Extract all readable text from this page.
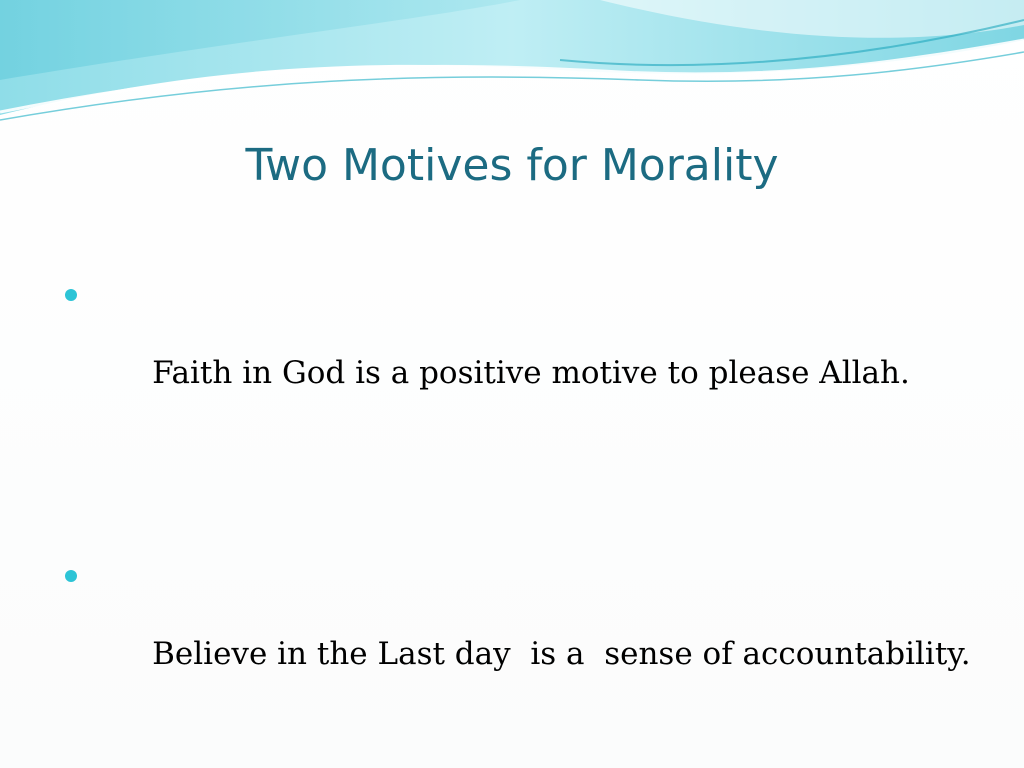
Two Motives for Morality

Faith in God is a positive motive to please Allah.

Believe in the Last day  is a  sense of accountability.
